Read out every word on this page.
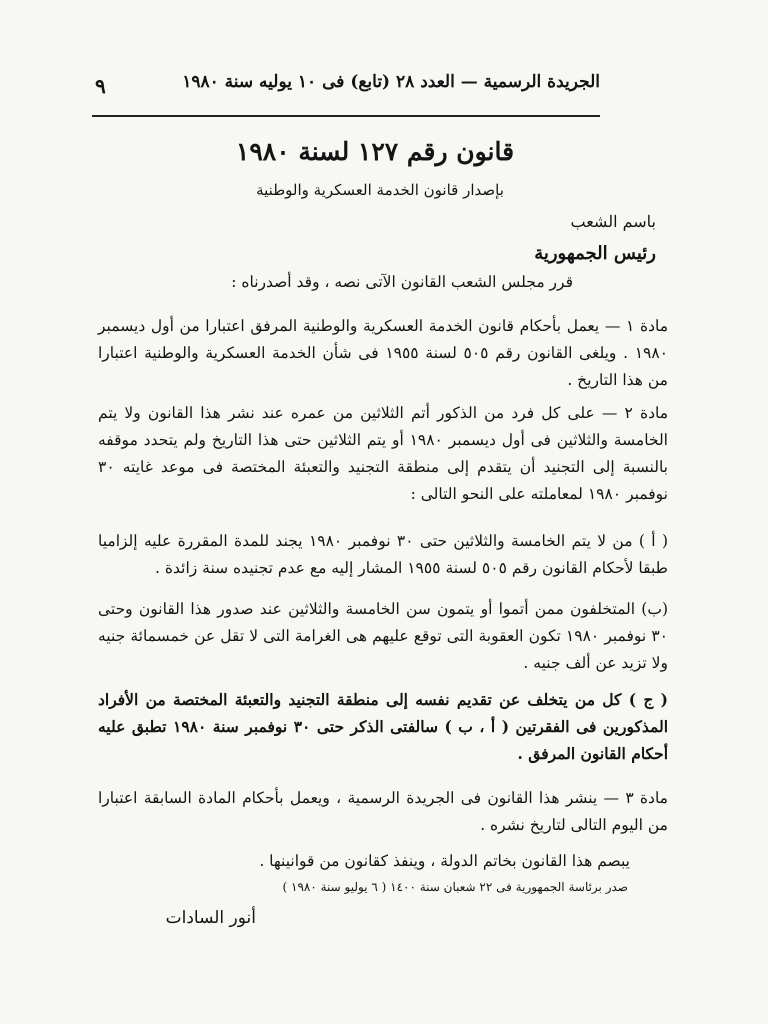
الجريدة الرسمية — العدد ٢٨ (تابع) فى ١٠ يوليه سنة ١٩٨٠
٩
قانون رقم ١٢٧ لسنة ١٩٨٠
بإصدار قانون الخدمة العسكرية والوطنية
باسم الشعب
رئيس الجمهورية
قرر مجلس الشعب القانون الآتى نصه ، وقد أصدرناه :
مادة ١ — يعمل بأحكام قانون الخدمة العسكرية والوطنية المرفق اعتبارا من أول ديسمبر ١٩٨٠ . ويلغى القانون رقم ٥٠٥ لسنة ١٩٥٥ فى شأن الخدمة العسكرية والوطنية اعتبارا من هذا التاريخ .
مادة ٢ — على كل فرد من الذكور أتم الثلاثين من عمره عند نشر هذا القانون ولا يتم الخامسة والثلاثين فى أول ديسمبر ١٩٨٠ أو يتم الثلاثين حتى هذا التاريخ ولم يتحدد موقفه بالنسبة إلى التجنيد أن يتقدم إلى منطقة التجنيد والتعبئة المختصة فى موعد غايته ٣٠ نوفمبر ١٩٨٠ لمعاملته على النحو التالى :
( أ ) من لا يتم الخامسة والثلاثين حتى ٣٠ نوفمبر ١٩٨٠ يجند للمدة المقررة عليه إلزاميا طبقا لأحكام القانون رقم ٥٠٥ لسنة ١٩٥٥ المشار إليه مع عدم تجنيده سنة زائدة .
(ب) المتخلفون ممن أتموا أو يتمون سن الخامسة والثلاثين عند صدور هذا القانون وحتى ٣٠ نوفمبر ١٩٨٠ تكون العقوبة التى توقع عليهم هى الغرامة التى لا تقل عن خمسمائة جنيه ولا تزيد عن ألف جنيه .
( ج ) كل من يتخلف عن تقديم نفسه إلى منطقة التجنيد والتعبئة المختصة من الأفراد المذكورين فى الفقرتين ( أ ، ب ) سالفتى الذكر حتى ٣٠ نوفمبر سنة ١٩٨٠ تطبق عليه أحكام القانون المرفق .
مادة ٣ — ينشر هذا القانون فى الجريدة الرسمية ، ويعمل بأحكام المادة السابقة اعتبارا من اليوم التالى لتاريخ نشره .
يبصم هذا القانون بخاتم الدولة ، وينفذ كقانون من قوانينها .
صدر برئاسة الجمهورية فى ٢٢ شعبان سنة ١٤٠٠ ( ٦ يوليو سنة ١٩٨٠ )
أنور السادات
